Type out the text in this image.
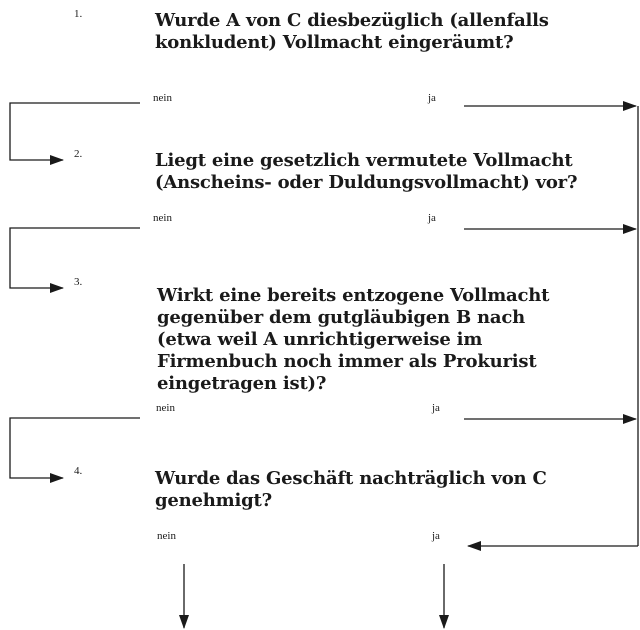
1.	Wurde A von C diesbezüglich (allenfalls konkludent) Vollmacht eingeräumt?
nein	ja
2.	Liegt eine gesetzlich vermutete Vollmacht (Anscheins- oder Duldungsvollmacht) vor?
nein	ja
3.
Wirkt eine bereits entzogene Vollmacht gegenüber dem gutgläubigen B nach (etwa weil A unrichtigerweise im Firmenbuch noch immer als Prokurist eingetragen ist)?
nein	ja
4.	Wurde das Geschäft nachträglich von C genehmigt?
nein	ja
